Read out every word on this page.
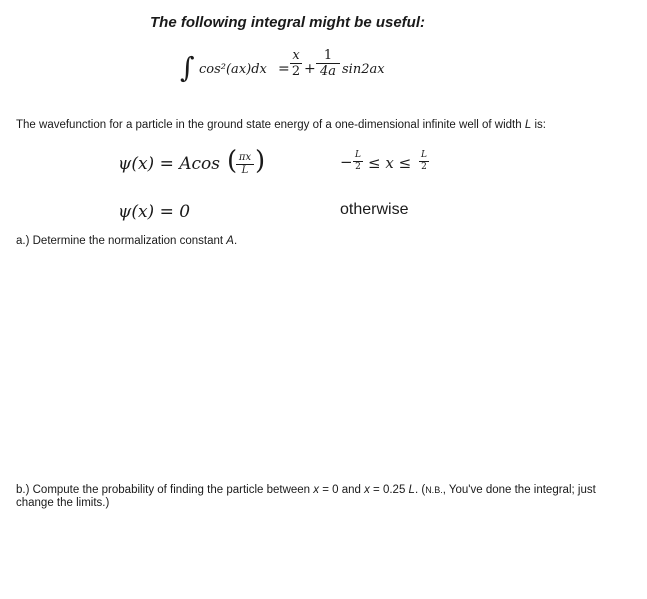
The following integral might be useful:
∫ cos²(ax)dx =
x
2 +
1
4a sin2ax
The wavefunction for a particle in the ground state energy of a one-dimensional infinite well of width L is:
ψ(x) = Acos ( πx
L )	− L
2 ≤ x ≤ L
2
ψ(x) = 0	otherwise
a.) Determine the normalization constant A.
b.) Compute the probability of finding the particle between x = 0 and x = 0.25 L. (N.B., You've done the integral; just change the limits.)
